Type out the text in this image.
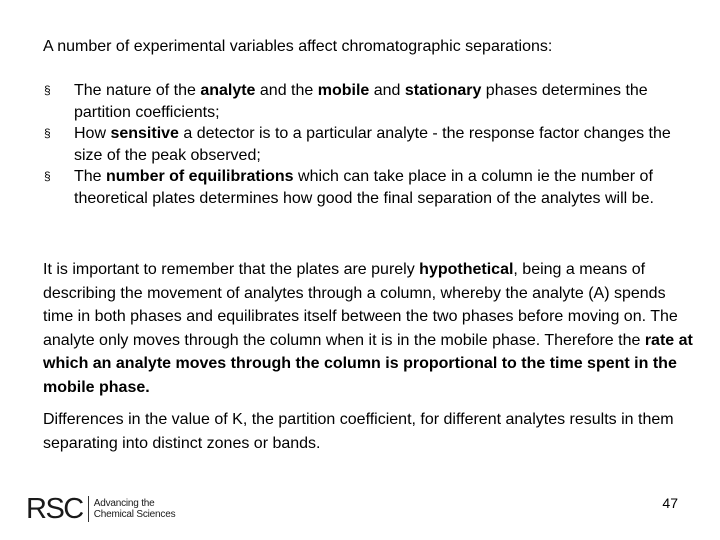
A number of experimental variables affect chromatographic separations:

§ The nature of the analyte and the mobile and stationary phases determines the partition coefficients;
§ How sensitive a detector is to a particular analyte - the response factor changes the size of the peak observed;
§ The number of equilibrations which can take place in a column ie the number of theoretical plates determines how good the final separation of the analytes will be.

It is important to remember that the plates are purely hypothetical, being a means of describing the movement of analytes through a column, whereby the analyte (A) spends time in both phases and equilibrates itself between the two phases before moving on. The analyte only moves through the column when it is in the mobile phase. Therefore the rate at which an analyte moves through the column is proportional to the time spent in the mobile phase.

Differences in the value of K, the partition coefficient, for different analytes results in them separating into distinct zones or bands.

RSC Advancing the
Chemical Sciences
47
